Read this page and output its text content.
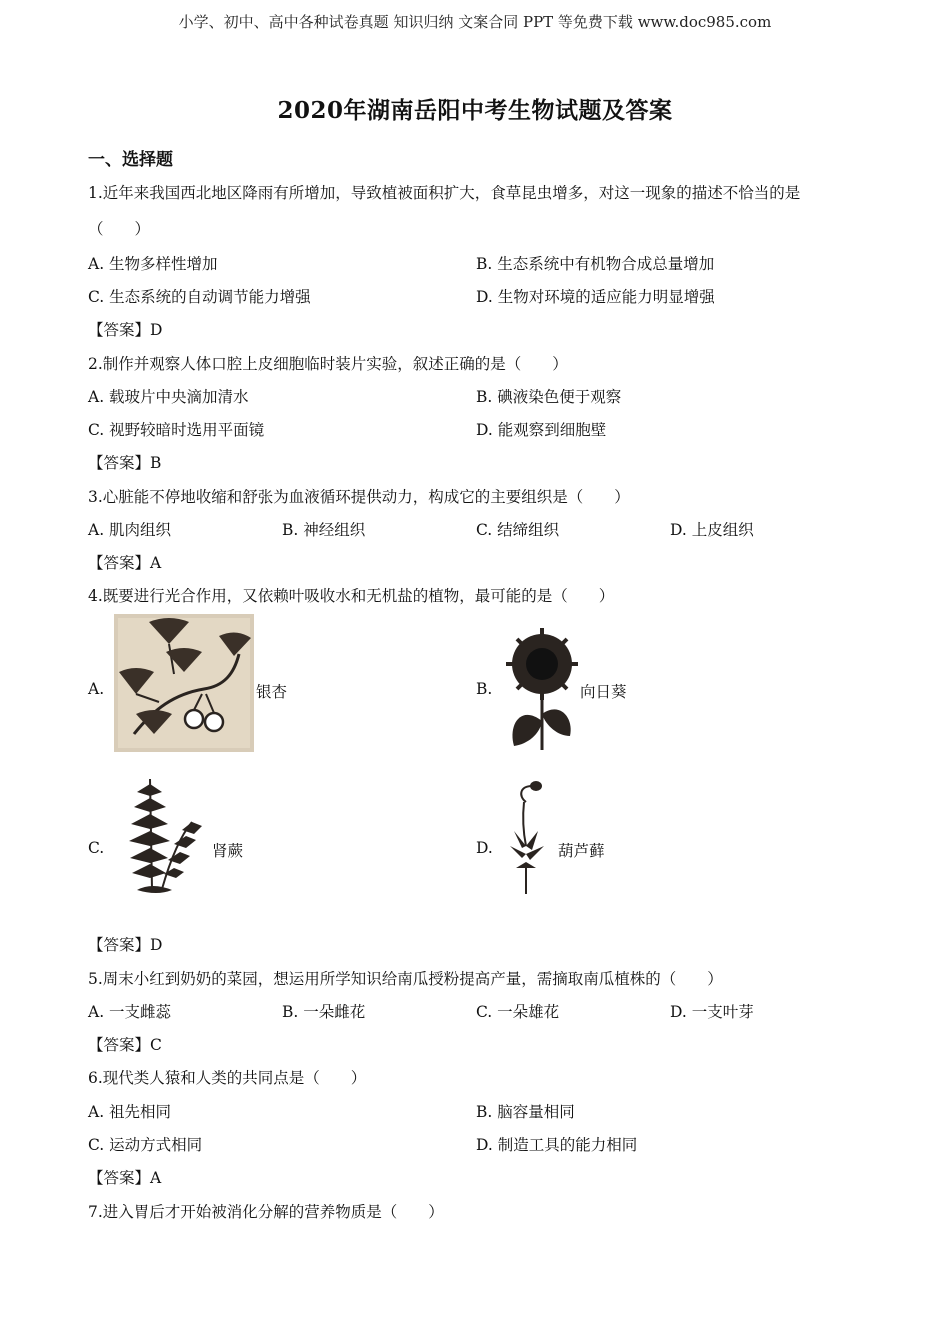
小学、初中、高中各种试卷真题 知识归纳 文案合同 PPT 等免费下载 www.doc985.com
2020年湖南岳阳中考生物试题及答案
一、选择题
1.近年来我国西北地区降雨有所增加，导致植被面积扩大，食草昆虫增多，对这一现象的描述不恰当的是
（　　）
A. 生物多样性增加	B. 生态系统中有机物合成总量增加
C. 生态系统的自动调节能力增强	D. 生物对环境的适应能力明显增强
【答案】D
2.制作并观察人体口腔上皮细胞临时装片实验，叙述正确的是（　　）
A. 载玻片中央滴加清水	B. 碘液染色便于观察
C. 视野较暗时选用平面镜	D. 能观察到细胞壁
【答案】B
3.心脏能不停地收缩和舒张为血液循环提供动力，构成它的主要组织是（　　）
A. 肌肉组织	B. 神经组织	C. 结缔组织	D. 上皮组织
【答案】A
4.既要进行光合作用，又依赖叶吸收水和无机盐的植物，最可能的是（　　）
A.	银杏	B.	向日葵
C.	肾蕨	D.	葫芦藓
【答案】D
5.周末小红到奶奶的菜园，想运用所学知识给南瓜授粉提高产量，需摘取南瓜植株的（　　）
A. 一支雌蕊	B. 一朵雌花	C. 一朵雄花	D. 一支叶芽
【答案】C
6.现代类人猿和人类的共同点是（　　）
A. 祖先相同	B. 脑容量相同
C. 运动方式相同	D. 制造工具的能力相同
【答案】A
7.进入胃后才开始被消化分解的营养物质是（　　）
